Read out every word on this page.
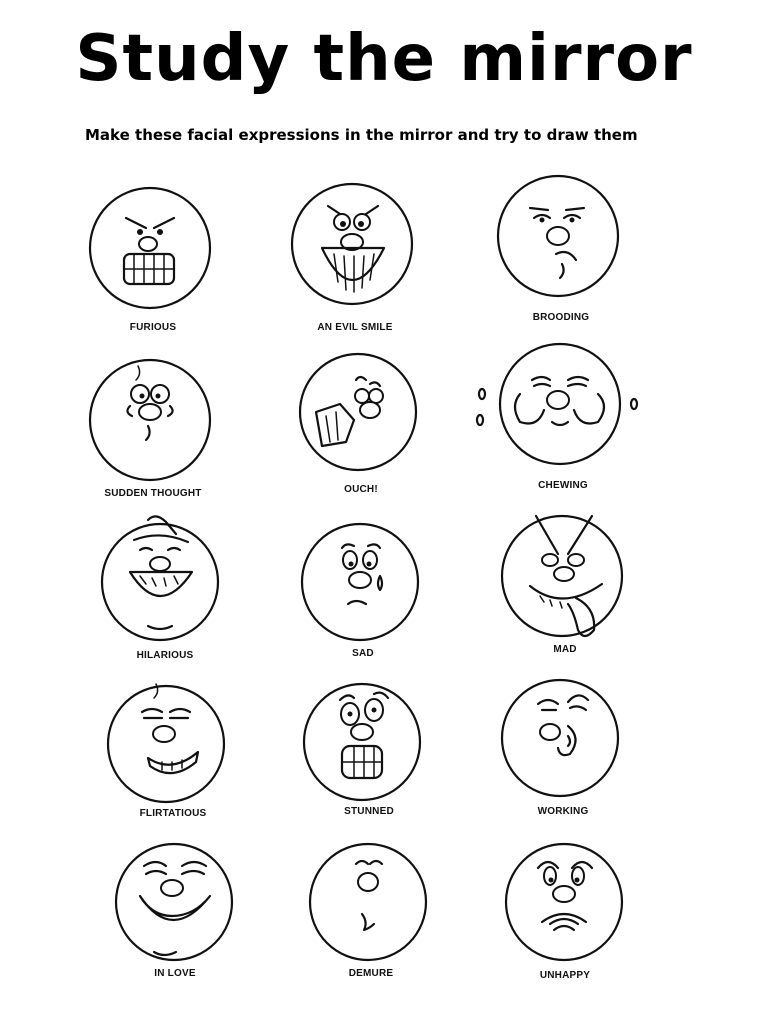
Study the mirror
Make these facial expressions in the mirror and try to draw them
FURIOUS	AN EVIL SMILE
BROODING
SUDDEN THOUGHT	OUCH!	CHEWING
HILARIOUS	SAD	MAD
FLIRTATIOUS	STUNNED	WORKING
IN LOVE	DEMURE	UNHAPPY
